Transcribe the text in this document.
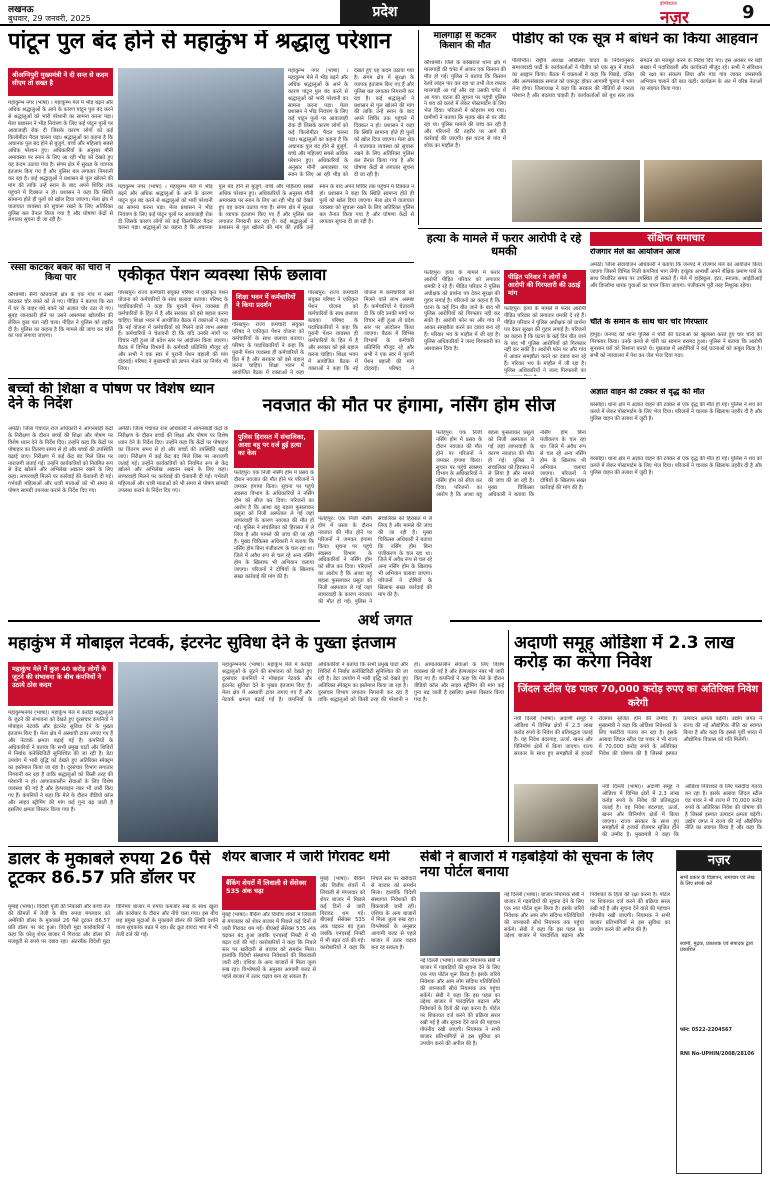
लखनऊ
बुधवार, 29 जनवरी, 2025	प्रदेश	इण्डियाज
नज़र	9
पांटून पुल बंद होने से महाकुंभ में श्रद्धालु परेशान
श्रीअग्निपुरी मुख्यमंत्री ने दी सन्त से कदम सीएम तो सख्त है
महाकुम्भ नगर (भाषा) । महाकुम्भ मेले में भीड़ बढ़ने और अधिक श्रद्धालुओं के आने के कारण पांटून पुल बंद करने से श्रद्धालुओं को भारी परेशानी का सामना करना पड़ा। मेला प्रशासन ने भीड़ नियंत्रण के लिए कई पांटून पुलों पर आवाजाही रोक दी जिसके कारण लोगों को कई किलोमीटर पैदल चलना पड़ा। श्रद्धालुओं का कहना है कि अचानक पुल बंद होने से बुजुर्ग, बच्चे और महिलाएं सबसे अधिक परेशान हुए। अधिकारियों के अनुसार मौनी अमावस्या पर स्नान के लिए आ रही भीड़ को देखते हुए यह कदम उठाया गया है। संगम क्षेत्र में सुरक्षा के व्यापक इंतजाम किए गए हैं और पुलिस बल लगातार निगरानी कर रहा है। कई श्रद्धालुओं ने प्रशासन से पुल खोलने की मांग की ताकि उन्हें स्नान के बाद अपने शिविर तक पहुंचने में दिक्कत न हो। प्रशासन ने कहा कि स्थिति सामान्य होते ही पुलों को खोल दिया जाएगा। मेला क्षेत्र में यातायात व्यवस्था को सुचारू रखने के लिए अतिरिक्त पुलिस बल तैनात किया गया है और घोषणा केंद्रों से लगातार सूचना दी जा रही है।
महाकुम्भ नगर (भाषा) । महाकुम्भ मेले में भीड़ बढ़ने और अधिक श्रद्धालुओं के आने के कारण पांटून पुल बंद करने से श्रद्धालुओं को भारी परेशानी का सामना करना पड़ा। मेला प्रशासन ने भीड़ नियंत्रण के लिए कई पांटून पुलों पर आवाजाही रोक दी जिसके कारण लोगों को कई किलोमीटर पैदल चलना पड़ा। श्रद्धालुओं का कहना है कि अचानक पुल बंद होने से बुजुर्ग, बच्चे और महिलाएं सबसे अधिक परेशान हुए। अधिकारियों के अनुसार मौनी अमावस्या पर स्नान के लिए आ रही भीड़ को देखते हुए यह कदम उठाया गया है। संगम क्षेत्र में सुरक्षा के व्यापक इंतजाम किए गए हैं और पुलिस बल लगातार निगरानी कर रहा है। कई श्रद्धालुओं ने प्रशासन से पुल खोलने की मांग की ताकि उन्हें स्नान के बाद अपने शिविर तक पहुंचने में दिक्कत न हो। प्रशासन ने कहा कि स्थिति सामान्य होते ही पुलों को खोल दिया जाएगा। मेला क्षेत्र में यातायात व्यवस्था को सुचारू रखने के लिए अतिरिक्त पुलिस बल तैनात किया गया है और घोषणा केंद्रों से लगातार सूचना दी जा रही है।
महाकुम्भ नगर (भाषा) । महाकुम्भ मेले में भीड़ बढ़ने और अधिक श्रद्धालुओं के आने के कारण पांटून पुल बंद करने से श्रद्धालुओं को भारी परेशानी का सामना करना पड़ा। मेला प्रशासन ने भीड़ नियंत्रण के लिए कई पांटून पुलों पर आवाजाही रोक दी जिसके कारण लोगों को कई किलोमीटर पैदल चलना पड़ा। श्रद्धालुओं का कहना है कि अचानक पुल बंद होने से बुजुर्ग, बच्चे और महिलाएं सबसे अधिक परेशान हुए। अधिकारियों के अनुसार मौनी अमावस्या पर स्नान के लिए आ रही भीड़ को देखते हुए यह कदम उठाया गया है। संगम क्षेत्र में सुरक्षा के व्यापक इंतजाम किए गए हैं और पुलिस बल लगातार निगरानी कर रहा है। कई श्रद्धालुओं ने प्रशासन से पुल खोलने की मांग की ताकि उन्हें स्नान के बाद अपने शिविर तक पहुंचने में दिक्कत न हो। प्रशासन ने कहा कि स्थिति सामान्य होते ही पुलों को खोल दिया जाएगा। मेला क्षेत्र में यातायात व्यवस्था को सुचारू रखने के लिए अतिरिक्त पुलिस बल तैनात किया गया है और घोषणा केंद्रों से लगातार सूचना दी जा रही है।
मालगाड़ी से कटकर किसान की मौत
कौशाम्बी। जिले के कोखराज थाना क्षेत्र में मालगाड़ी की चपेट में आकर एक किसान की मौत हो गई। पुलिस ने बताया कि किसान रेलवे लाइन पार कर रहा था तभी तेज रफ्तार मालगाड़ी आ गई और वह उसकी चपेट में आ गया। घटना की सूचना पर पहुंची पुलिस ने शव को कब्जे में लेकर पोस्टमार्टम के लिए भेज दिया। परिजनों में कोहराम मच गया। ग्रामीणों ने बताया कि मृतक खेत से घर लौट रहा था। पुलिस मामले की जांच कर रही है और परिजनों की तहरीर पर आगे की कार्रवाई की जाएगी। इस घटना से गांव में शोक का माहौल है।
पीडीए को एक सूत्र में बांधने का किया आहवान
पीलीभीत। राष्ट्रीय अध्यक्ष अखिलेश यादव के निर्देशानुसार समाजवादी पार्टी के कार्यकर्ताओं ने पीडीए को एक सूत्र में बांधने का आह्वान किया। बैठक में वक्ताओं ने कहा कि पिछड़े, दलित और अल्पसंख्यक समाज को एकजुट होकर आगामी चुनाव में भाग लेना होगा। जिलाध्यक्ष ने कहा कि सरकार की नीतियों से जनता परेशान है और बदलाव चाहती है। कार्यकर्ताओं को बूथ स्तर तक संगठन को मजबूत करने के निर्देश दिए गए। इस अवसर पर बड़ी संख्या में पदाधिकारी और कार्यकर्ता मौजूद रहे। सभी ने संविधान की रक्षा का संकल्प लिया और गांव गांव जाकर जनसंपर्क अभियान चलाने की बात कही। कार्यक्रम के अंत में वरिष्ठ नेताओं का स्वागत किया गया।
रस्सी काटकर बकरे को चोरों ने किया पार
कौशाम्बी। सैनी कोतवाली क्षेत्र के एक गांव में रस्सी काटकर चोर बकरे को ले गए। पीड़ित ने बताया कि रात में घर के बाहर बंधे बकरे को अज्ञात चोर उठा ले गए। सुबह जानकारी होने पर उसने आसपास खोजबीन की लेकिन कुछ पता नहीं चला। पीड़ित ने पुलिस को तहरीर दी है। पुलिस का कहना है कि मामले की जांच कर चोरों का पता लगाया जाएगा।
एकीकृत पेंशन व्यवस्था सिर्फ छलावा
शिक्षा भवन में कर्मचारियों ने किया प्रदर्शन
गोरखपुर। राज्य कर्मचारी संयुक्त परिषद ने एकीकृत पेंशन योजना को कर्मचारियों के साथ छलावा बताया। परिषद के पदाधिकारियों ने कहा कि पुरानी पेंशन व्यवस्था ही कर्मचारियों के हित में है और सरकार को इसे बहाल करना चाहिए। शिक्षा भवन में आयोजित बैठक में वक्ताओं ने कहा कि नई योजना में कर्मचारियों को मिलने वाले लाभ अस्पष्ट हैं। कर्मचारियों ने चेतावनी दी कि यदि उनकी मांगों पर विचार नहीं हुआ तो प्रदेश स्तर पर आंदोलन किया जाएगा। बैठक में विभिन्न विभागों के कर्मचारी प्रतिनिधि मौजूद रहे और सभी ने एक स्वर में पुरानी पेंशन बहाली की मांग दोहराई। परिषद ने मुख्यमंत्री को ज्ञापन भेजने का निर्णय भी लिया।
गोरखपुर। राज्य कर्मचारी संयुक्त परिषद ने एकीकृत पेंशन योजना को कर्मचारियों के साथ छलावा बताया। परिषद के पदाधिकारियों ने कहा कि पुरानी पेंशन व्यवस्था ही कर्मचारियों के हित में है और सरकार को इसे बहाल करना चाहिए। शिक्षा भवन में आयोजित बैठक में वक्ताओं ने कहा कि नई योजना में कर्मचारियों को मिलने वाले लाभ अस्पष्ट हैं। कर्मचारियों ने चेतावनी दी कि यदि उनकी मांगों पर विचार नहीं हुआ तो प्रदेश स्तर पर आंदोलन किया जाएगा। बैठक में विभिन्न विभागों के कर्मचारी प्रतिनिधि मौजूद रहे और सभी ने एक स्वर में पुरानी पेंशन बहाली की मांग दोहराई। परिषद ने
गोरखपुर। राज्य कर्मचारी संयुक्त परिषद ने एकीकृत पेंशन योजना को कर्मचारियों के साथ छलावा बताया। परिषद के पदाधिकारियों ने कहा कि पुरानी पेंशन व्यवस्था ही कर्मचारियों के हित में है और सरकार को इसे बहाल करना चाहिए। शिक्षा भवन में आयोजित बैठक में वक्ताओं ने कहा
हत्या के मामले में फरार आरोपी दे रहे धमकी
पीड़ित परिवार ने लोगों से आरोपी की गिरफ्तारी की उठाई मांग
फतेहपुर। हत्या के मामले में फरार आरोपी पीड़ित परिवार को लगातार धमकी दे रहे हैं। पीड़ित परिवार ने पुलिस अधीक्षक को प्रार्थना पत्र देकर सुरक्षा की गुहार लगाई है। परिजनों का कहना है कि घटना के कई दिन बीत जाने के बाद भी पुलिस आरोपियों को गिरफ्तार नहीं कर सकी है। आरोपी फोन पर और गांव में आकर समझौता करने का दबाव बना रहे हैं। परिवार भय के माहौल में जी रहा है। पुलिस अधिकारियों ने जल्द गिरफ्तारी का आश्वासन दिया है।
फतेहपुर। हत्या के मामले में फरार आरोपी पीड़ित परिवार को लगातार धमकी दे रहे हैं। पीड़ित परिवार ने पुलिस अधीक्षक को प्रार्थना पत्र देकर सुरक्षा की गुहार लगाई है। परिजनों का कहना है कि घटना के कई दिन बीत जाने के बाद भी पुलिस आरोपियों को गिरफ्तार नहीं कर सकी है। आरोपी फोन पर और गांव में आकर समझौता करने का दबाव बना रहे हैं। परिवार भय के माहौल में जी रहा है। पुलिस अधिकारियों ने जल्द गिरफ्तारी का
संक्षिप्त समाचार
रोजगार मेले का आयोजन आज
अमेठी। जिला सेवायोजन अधिकारी ने बताया कि जनपद में रोजगार मेले का आयोजन किया जाएगा जिसमें विभिन्न निजी कंपनियां भाग लेंगी। इच्छुक अभ्यर्थी अपने शैक्षिक प्रमाण पत्रों के साथ निर्धारित समय पर उपस्थित हो सकते हैं। मेले में हाईस्कूल, इंटर, स्नातक, आईटीआई और डिप्लोमा धारक युवाओं का चयन किया जाएगा। पंजीकरण पूरी तरह निशुल्क रहेगा।
चौते के समान के साथ चार चोर गिरफ्तार
हापुड़। जनपद की थाना पुलिस ने चोरी की घटनाओं का खुलासा करते हुए चार चोरों को गिरफ्तार किया। उनके कब्जे से चोरी का सामान बरामद हुआ। पुलिस ने बताया कि आरोपी सुनसान घरों को निशाना बनाते थे। पूछताछ में आरोपियों ने कई घटनाओं को कबूल किया है। सभी को न्यायालय में पेश कर जेल भेज दिया गया।
अज्ञात वाहन की टक्कर से वृद्ध की मौत
बरसोंहा। थाना क्षेत्र में अज्ञात वाहन की टक्कर से एक वृद्ध की मौत हो गई। पुलिस ने शव को कब्जे में लेकर पोस्टमार्टम के लिए भेज दिया। परिजनों ने चालक के खिलाफ तहरीर दी है और पुलिस वाहन की तलाश में जुटी है।
बच्चों की शिक्षा व पोषण पर विशेष ध्यान देने के निर्देश
अमेठी। जिला पंचायत राज अधिकारी ने आंगनबाड़ी केंद्रों के निरीक्षण के दौरान बच्चों की शिक्षा और पोषण पर विशेष ध्यान देने के निर्देश दिए। उन्होंने कहा कि केंद्रों पर पोषाहार का वितरण समय से हो और बच्चों की उपस्थिति बढ़ाई जाए। निरीक्षण में कई केंद्र बंद मिले जिस पर नाराजगी जताई गई। उन्होंने कार्यकत्रियों को नियमित रूप से केंद्र खोलने और अभिलेख अद्यतन रखने के लिए कहा। लापरवाही मिलने पर कार्रवाई की चेतावनी दी गई। गर्भवती महिलाओं और धात्री माताओं को भी समय से पोषण सामग्री उपलब्ध कराने के निर्देश दिए गए।
अमेठी। जिला पंचायत राज अधिकारी ने आंगनबाड़ी केंद्रों के निरीक्षण के दौरान बच्चों की शिक्षा और पोषण पर विशेष ध्यान देने के निर्देश दिए। उन्होंने कहा कि केंद्रों पर पोषाहार का वितरण समय से हो और बच्चों की उपस्थिति बढ़ाई जाए। निरीक्षण में कई केंद्र बंद मिले जिस पर नाराजगी जताई गई। उन्होंने कार्यकत्रियों को नियमित रूप से केंद्र खोलने और अभिलेख अद्यतन रखने के लिए कहा। लापरवाही मिलने पर कार्रवाई की चेतावनी दी गई। गर्भवती महिलाओं और धात्री माताओं को भी समय से पोषण सामग्री उपलब्ध कराने के निर्देश दिए गए।
नवजात की मौत पर हंगामा, नर्सिंग होम सीज
पुलिस हिरासत में संचालिका, आशा बहू पर दर्ज हुई हत्या का केस
फतेहपुर। एक निजी नर्सिंग होम में प्रसव के दौरान नवजात की मौत होने पर परिजनों ने जमकर हंगामा किया। सूचना पर पहुंचे स्वास्थ्य विभाग के अधिकारियों ने नर्सिंग होम को सीज कर दिया। परिजनों का आरोप है कि आशा बहू बहला फुसलाकर प्रसूता को निजी अस्पताल ले गई जहां लापरवाही के कारण नवजात की मौत हो गई। पुलिस ने संचालिका को हिरासत में ले लिया है और मामले की जांच की जा रही है। मुख्य चिकित्सा अधिकारी ने बताया कि नर्सिंग होम बिना पंजीकरण के चल रहा था। जिले में अवैध रूप से चल रहे अन्य नर्सिंग होम के खिलाफ भी अभियान चलाया जाएगा। परिजनों ने दोषियों के खिलाफ सख्त कार्रवाई की मांग की है।
फतेहपुर। एक निजी नर्सिंग होम में प्रसव के दौरान नवजात की मौत होने पर परिजनों ने जमकर हंगामा किया। सूचना पर पहुंचे स्वास्थ्य विभाग के अधिकारियों ने नर्सिंग होम को सीज कर दिया। परिजनों का आरोप है कि आशा बहू बहला फुसलाकर प्रसूता को निजी अस्पताल ले गई जहां लापरवाही के कारण नवजात की मौत हो गई। पुलिस ने संचालिका को हिरासत में ले लिया है और मामले की जांच की जा रही है। मुख्य चिकित्सा अधिकारी ने बताया कि नर्सिंग होम बिना पंजीकरण के चल रहा था। जिले में अवैध रूप से चल रहे अन्य नर्सिंग होम के खिलाफ भी अभियान चलाया जाएगा। परिजनों ने दोषियों के खिलाफ सख्त कार्रवाई की मांग की है।
फतेहपुर। एक निजी नर्सिंग होम में प्रसव के दौरान नवजात की मौत होने पर परिजनों ने जमकर हंगामा किया। सूचना पर पहुंचे स्वास्थ्य विभाग के अधिकारियों ने नर्सिंग होम को सीज कर दिया। परिजनों का आरोप है कि आशा बहू बहला फुसलाकर प्रसूता को निजी अस्पताल ले गई जहां लापरवाही के कारण नवजात की मौत हो गई। पुलिस ने संचालिका को हिरासत में ले लिया है और मामले की जांच की जा रही है। मुख्य चिकित्सा अधिकारी ने बताया कि नर्सिंग होम बिना पंजीकरण के चल रहा था। जिले में अवैध रूप से चल रहे अन्य नर्सिंग होम के खिलाफ भी अभियान चलाया जाएगा। परिजनों ने दोषियों के खिलाफ सख्त कार्रवाई की मांग की है।
बरसोंहा। थाना क्षेत्र में अज्ञात वाहन की टक्कर से एक वृद्ध की मौत हो गई। पुलिस ने शव को कब्जे में लेकर पोस्टमार्टम के लिए भेज दिया। परिजनों ने चालक के खिलाफ तहरीर दी है और पुलिस वाहन की तलाश में जुटी है।
अर्थ जगत
महाकुंभ में मोबाइल नेटवर्क, इंटरनेट सुविधा देने के पुख्ता इंतजाम
महाकुंभ मेले में कुल 40 करोड़ लोगों के जुटने की संभावना के बीच कंपनियों ने उठाये ठोस कदम
महाकुम्भनगर (भाषा)। महाकुंभ मेले में करोड़ों श्रद्धालुओं के जुटने की संभावना को देखते हुए दूरसंचार कंपनियों ने मोबाइल नेटवर्क और इंटरनेट सुविधा देने के पुख्ता इंतजाम किए हैं। मेला क्षेत्र में अस्थायी टावर लगाए गए हैं और नेटवर्क क्षमता बढ़ाई गई है। कंपनियों के अधिकारियों ने बताया कि सभी प्रमुख घाटों और शिविरों में निर्बाध कनेक्टिविटी सुनिश्चित की जा रही है। डेटा उपयोग में भारी वृद्धि को देखते हुए अतिरिक्त स्पेक्ट्रम का इस्तेमाल किया जा रहा है। दूरसंचार विभाग लगातार निगरानी कर रहा है ताकि श्रद्धालुओं को किसी तरह की परेशानी न हो। आपातकालीन सेवाओं के लिए विशेष व्यवस्था की गई है और हेल्पलाइन नंबर भी जारी किए गए हैं। कंपनियों ने कहा कि मेले के दौरान वीडियो कॉल और लाइव स्ट्रीमिंग की मांग कई गुना बढ़ जाती है इसलिए क्षमता विस्तार किया गया है।
महाकुम्भनगर (भाषा)। महाकुंभ मेले में करोड़ों श्रद्धालुओं के जुटने की संभावना को देखते हुए दूरसंचार कंपनियों ने मोबाइल नेटवर्क और इंटरनेट सुविधा देने के पुख्ता इंतजाम किए हैं। मेला क्षेत्र में अस्थायी टावर लगाए गए हैं और नेटवर्क क्षमता बढ़ाई गई है। कंपनियों के अधिकारियों ने बताया कि सभी प्रमुख घाटों और शिविरों में निर्बाध कनेक्टिविटी सुनिश्चित की जा रही है। डेटा उपयोग में भारी वृद्धि को देखते हुए अतिरिक्त स्पेक्ट्रम का इस्तेमाल किया जा रहा है। दूरसंचार विभाग लगातार निगरानी कर रहा है ताकि श्रद्धालुओं को किसी तरह की परेशानी न हो। आपातकालीन सेवाओं के लिए विशेष व्यवस्था की गई है और हेल्पलाइन नंबर भी जारी किए गए हैं। कंपनियों ने कहा कि मेले के दौरान वीडियो कॉल और लाइव स्ट्रीमिंग की मांग कई गुना बढ़ जाती है इसलिए क्षमता विस्तार किया गया है।
अदाणी समूह ओडिशा में 2.3 लाख करोड़ का करेगा निवेश
जिंदल स्टील एंड पावर 70,000 करोड़ रुपए का अतिरिक्त निवेश करेगी
नयी दिल्ली (भाषा)। अदाणी समूह ने ओडिशा में विभिन्न क्षेत्रों में 2.3 लाख करोड़ रुपये के निवेश की प्रतिबद्धता जताई है। यह निवेश बंदरगाह, ऊर्जा, खनन और विनिर्माण क्षेत्रों में किया जाएगा। राज्य सरकार के साथ हुए समझौतों से हजारों रोजगार सृजित होने की उम्मीद है। मुख्यमंत्री ने कहा कि ओडिशा निवेशकों के लिए पसंदीदा गंतव्य बन रहा है। इसके अलावा जिंदल स्टील एंड पावर ने भी राज्य में 70,000 करोड़ रुपये के अतिरिक्त निवेश की घोषणा की है जिससे इस्पात उत्पादन क्षमता बढ़ेगी। उद्योग जगत ने राज्य की नई औद्योगिक नीति का स्वागत किया है और कहा कि इससे पूर्वी भारत में औद्योगिक विकास को गति मिलेगी।
नयी दिल्ली (भाषा)। अदाणी समूह ने ओडिशा में विभिन्न क्षेत्रों में 2.3 लाख करोड़ रुपये के निवेश की प्रतिबद्धता जताई है। यह निवेश बंदरगाह, ऊर्जा, खनन और विनिर्माण क्षेत्रों में किया जाएगा। राज्य सरकार के साथ हुए समझौतों से हजारों रोजगार सृजित होने की उम्मीद है। मुख्यमंत्री ने कहा कि ओडिशा निवेशकों के लिए पसंदीदा गंतव्य बन रहा है। इसके अलावा जिंदल स्टील एंड पावर ने भी राज्य में 70,000 करोड़ रुपये के अतिरिक्त निवेश की घोषणा की है जिससे इस्पात उत्पादन क्षमता बढ़ेगी। उद्योग जगत ने राज्य की नई औद्योगिक नीति का स्वागत किया है और कहा कि
डालर के मुकाबले रुपया 26 पैसे टूटकर 86.57 प्रति डॉलर पर
मुम्बई (भाषा)। विदेशी पूंजी की निकासी और कच्चे तेल की कीमतों में तेजी के बीच रुपया मंगलवार को अमेरिकी डॉलर के मुकाबले 26 पैसे टूटकर 86.57 प्रति डॉलर पर बंद हुआ। विदेशी मुद्रा कारोबारियों ने कहा कि घरेलू शेयर बाजार में गिरावट और डॉलर की मजबूती से रुपये पर दबाव रहा। अंतरबैंक विदेशी मुद्रा विनिमय बाजार में रुपया कमजोर रुख के साथ खुला और कारोबार के दौरान और नीचे चला गया। इस बीच छह प्रमुख मुद्राओं के मुकाबले डॉलर की स्थिति दर्शाने वाला सूचकांक बढ़त में रहा। ब्रेंट क्रूड वायदा भाव में भी तेजी दर्ज की गई।
शेयर बाजार में जारी गिरावट थमी
बैंकिंग शेयरों में लिवाली से सेंसेक्स 535 अंक चढ़ा
मुंबई (भाषा)। बैंकिंग और वित्तीय शेयरों में लिवाली से मंगलवार को शेयर बाजार में पिछले कई दिनों से जारी गिरावट थम गई। बीएसई सेंसेक्स 535 अंक चढ़कर बंद हुआ जबकि एनएसई निफ्टी में भी बढ़त दर्ज की गई। कारोबारियों ने कहा कि निचले स्तर पर खरीदारी से बाजार को समर्थन मिला। हालांकि विदेशी संस्थागत निवेशकों की बिकवाली जारी रही। एशिया के अन्य बाजारों में मिला जुला रुख रहा। विश्लेषकों के अनुसार आगामी बजट से पहले बाजार में उतार चढ़ाव बना रह सकता है।
मुंबई (भाषा)। बैंकिंग और वित्तीय शेयरों में लिवाली से मंगलवार को शेयर बाजार में पिछले कई दिनों से जारी गिरावट थम गई। बीएसई सेंसेक्स 535 अंक चढ़कर बंद हुआ जबकि एनएसई निफ्टी में भी बढ़त दर्ज की गई। कारोबारियों ने कहा कि निचले स्तर पर खरीदारी से बाजार को समर्थन मिला। हालांकि विदेशी संस्थागत निवेशकों की बिकवाली जारी रही। एशिया के अन्य बाजारों में मिला जुला रुख रहा। विश्लेषकों के अनुसार आगामी बजट से पहले बाजार में उतार चढ़ाव बना रह सकता है।
सेबी ने बाजारों में गड़बड़ियों की सूचना के लिए नया पोर्टल बनाया
नई दिल्ली (भाषा)। बाजार नियामक सेबी ने बाजार में गड़बड़ियों की सूचना देने के लिए एक नया पोर्टल शुरू किया है। इसके जरिये निवेशक और आम लोग संदिग्ध गतिविधियों की जानकारी सीधे नियामक तक पहुंचा सकेंगे। सेबी ने कहा कि इस पहल का उद्देश्य बाजार में पारदर्शिता बढ़ाना और निवेशकों के हितों की रक्षा करना है। पोर्टल पर शिकायत दर्ज करने की प्रक्रिया सरल रखी गई है और सूचना देने वाले की पहचान गोपनीय रखी जाएगी। नियामक ने सभी बाजार प्रतिभागियों से इस सुविधा का उपयोग करने की अपील की है।
नई दिल्ली (भाषा)। बाजार नियामक सेबी ने बाजार में गड़बड़ियों की सूचना देने के लिए एक नया पोर्टल शुरू किया है। इसके जरिये निवेशक और आम लोग संदिग्ध गतिविधियों की जानकारी सीधे नियामक तक पहुंचा सकेंगे। सेबी ने कहा कि इस पहल का उद्देश्य बाजार में पारदर्शिता बढ़ाना और निवेशकों के हितों की रक्षा करना है। पोर्टल पर शिकायत दर्ज करने की प्रक्रिया सरल रखी गई है और सूचना देने वाले की पहचान गोपनीय रखी जाएगी। नियामक ने सभी बाजार प्रतिभागियों से इस सुविधा का उपयोग करने की अपील की है।
नज़र
सभी प्रकार के विज्ञापन, समाचार एवं लेख के लिए संपर्क करें
स्वामी, मुद्रक, प्रकाशक एवं संपादक द्वारा प्रकाशित
फोन: 0522-2204567
RNI No-UPHIN/2008/28106
